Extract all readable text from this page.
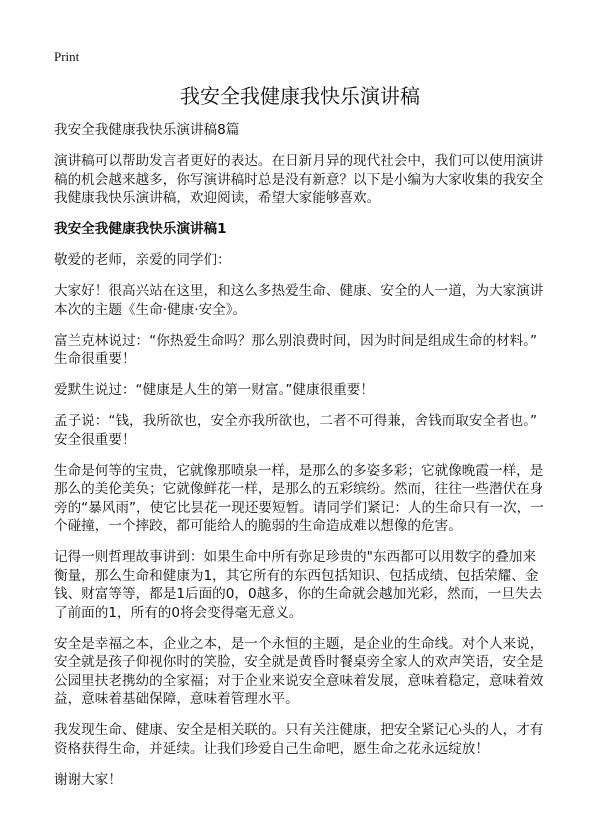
Print
我安全我健康我快乐演讲稿

我安全我健康我快乐演讲稿8篇

演讲稿可以帮助发言者更好的表达。在日新月异的现代社会中，我们可以使用演讲
稿的机会越来越多，你写演讲稿时总是没有新意？以下是小编为大家收集的我安全
我健康我快乐演讲稿，欢迎阅读，希望大家能够喜欢。

我安全我健康我快乐演讲稿1

敬爱的老师，亲爱的同学们：

大家好！很高兴站在这里，和这么多热爱生命、健康、安全的人一道，为大家演讲
本次的主题《生命·健康·安全》。

富兰克林说过：“你热爱生命吗？那么别浪费时间，因为时间是组成生命的材料。”
生命很重要！

爱默生说过：“健康是人生的第一财富。”健康很重要！

孟子说：“钱，我所欲也，安全亦我所欲也，二者不可得兼，舍钱而取安全者也。”
安全很重要！

生命是何等的宝贵，它就像那喷泉一样，是那么的多姿多彩；它就像晚霞一样，是
那么的美伦美奂；它就像鲜花一样，是那么的五彩缤纷。然而，往往一些潜伏在身
旁的“暴风雨”，使它比昙花一现还要短暂。请同学们紧记：人的生命只有一次，一
个碰撞，一个摔跤，都可能给人的脆弱的生命造成难以想像的危害。

记得一则哲理故事讲到：如果生命中所有弥足珍贵的"东西都可以用数字的叠加来
衡量，那么生命和健康为1，其它所有的东西包括知识、包括成绩、包括荣耀、金
钱、财富等等，都是1后面的0，0越多，你的生命就会越加光彩，然而，一旦失去
了前面的1，所有的0将会变得毫无意义。

安全是幸福之本，企业之本，是一个永恒的主题，是企业的生命线。对个人来说，
安全就是孩子仰视你时的笑脸，安全就是黄昏时餐桌旁全家人的欢声笑语，安全是
公园里扶老携幼的全家福；对于企业来说安全意味着发展，意味着稳定，意味着效
益，意味着基础保障，意味着管理水平。

我发现生命、健康、安全是相关联的。只有关注健康，把安全紧记心头的人，才有
资格获得生命，并延续。让我们珍爱自己生命吧，愿生命之花永远绽放！

谢谢大家！
